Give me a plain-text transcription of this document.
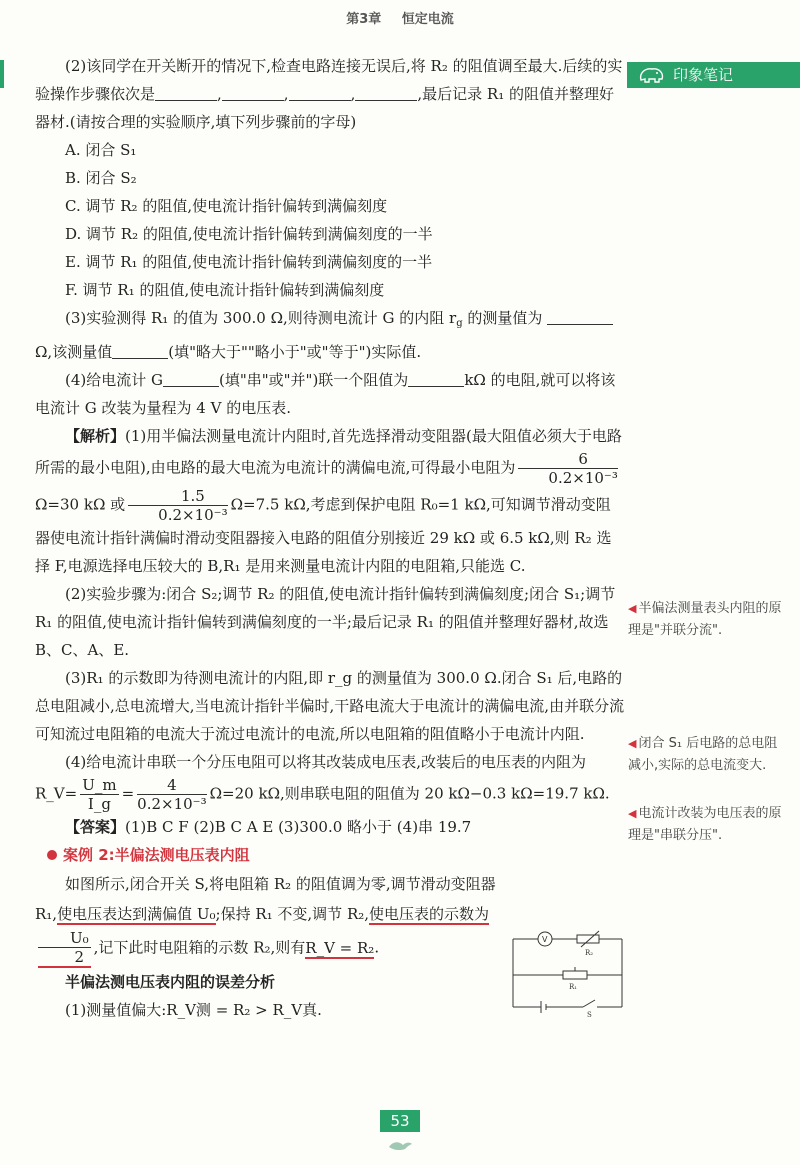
第3章 恒定电流
印象笔记

(2)该同学在开关断开的情况下,检查电路连接无误后,将 R₂ 的阻值调至最大.后续的实验操作步骤依次是	,	,	,	,最后记录 R₁ 的阻值并整理好器材.(请按合理的实验顺序,填下列步骤前的字母)

A. 闭合 S₁

B. 闭合 S₂

C. 调节 R₂ 的阻值,使电流计指针偏转到满偏刻度

D. 调节 R₂ 的阻值,使电流计指针偏转到满偏刻度的一半

E. 调节 R₁ 的阻值,使电流计指针偏转到满偏刻度的一半

F. 调节 R₁ 的阻值,使电流计指针偏转到满偏刻度

(3)实验测得 R₁ 的值为 300.0 Ω,则待测电流计 G 的内阻 $r_g$ 的测量值为 Ω,该测量值	(填"略大于""略小于"或"等于")实际值.

(4)给电流计 G	(填"串"或"并")联一个阻值为	kΩ 的电阻,就可以将该电流计 G 改装为量程为 4 V 的电压表.

【解析】(1)用半偏法测量电流计内阻时,首先选择滑动变阻器(最大阻值必须大于电路所需的最小电阻),由电路的最大电流为电流计的满偏电流,可得最小电阻为 $\frac{6}{\text{0.2×10⁻³}}$
Ω=30 kΩ 或 $\frac{1.5}{\text{0.2×10⁻³}} \Omega=7.5$ kΩ,考虑到保护电阻 R₀=1 kΩ,可知调节滑动变阻器使电流计指针满偏时滑动变阻器接入电路的阻值分别接近 29 kΩ 或 6.5 kΩ,则 R₂ 选择 F,电源选择电压较大的 B,R₁ 是用来测量电流计内阻的电阻箱,只能选 C.

(2)实验步骤为:闭合 S₂;调节 R₂ 的阻值,使电流计指针偏转到满偏刻度;闭合 S₁;调节 R₁ 的阻值,使电流计指针偏转到满偏刻度的一半;最后记录 R₁ 的阻值并整理好器材,故选 B、C、A、E.

(3)R₁ 的示数即为待测电流计的内阻,即 r_g 的测量值为 300.0 Ω.闭合 S₁ 后,电路的总电阻减小,总电流增大,当电流计指针半偏时,干路电流大于电流计的满偏电流,由并联分流可知流过电阻箱的电流大于流过电流计的电流,所以电阻箱的阻值略小于电流计内阻.

(4)给电流计串联一个分压电阻可以将其改装成电压表,改装后的电压表的内阻为

R_V= $\frac{U\_m}{I\_g} = \frac{4}{\text{0.2×10⁻³}} \Omega=20$ kΩ,则串联电阻的阻值为 20 kΩ−0.3 kΩ=19.7 kΩ.

【答案】(1)B C F (2)B C A E (3)300.0 略小于 (4)串 19.7

案例 2:半偏法测电压表内阻

如图所示,闭合开关 S,将电阻箱 R₂ 的阻值调为零,调节滑动变阻器 R₁,使电压表达到满偏值 U₀;保持 R₁ 不变,调节 R₂,使电压表的示数为
$\frac{\text{U₀}}{2}$ ,记下此时电阻箱的示数 R₂,则有R_V = R₂.

半偏法测电压表内阻的误差分析

(1)测量值偏大:R_V测 = R₂ > R_V真.

V
R₂
R₁
S
◀ 半偏法测量表头内阻的原理是"并联分流".
◀ 闭合 S₁ 后电路的总电阻减小,实际的总电流变大.
◀ 电流计改装为电压表的原理是"串联分压".
53
